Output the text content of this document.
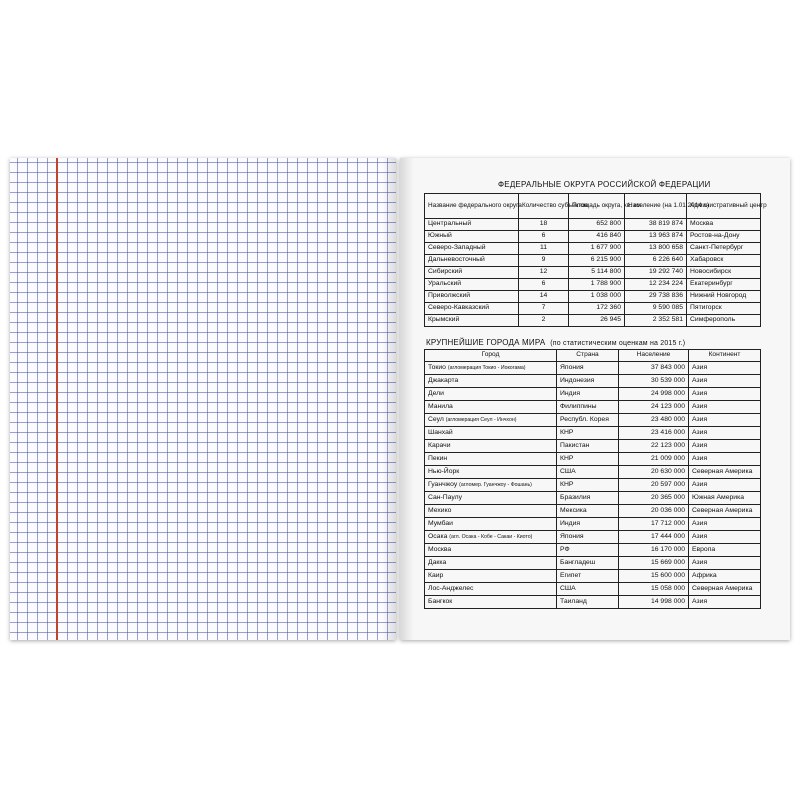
ФЕДЕРАЛЬНЫЕ ОКРУГА РОССИЙСКОЙ ФЕДЕРАЦИИ
Название федерального округа	Количество субъектов	Площадь округа, кв. км	Население (на 1.01.2014 г.)	Административный центр
Центральный	18	652 800	38 819 874	Москва
Южный	6	416 840	13 963 874	Ростов-на-Дону
Северо-Западный	11	1 677 900	13 800 658	Санкт-Петербург
Дальневосточный	9	6 215 900	6 226 640	Хабаровск
Сибирский	12	5 114 800	19 292 740	Новосибирск
Уральский	6	1 788 900	12 234 224	Екатеринбург
Приволжский	14	1 038 000	29 738 836	Нижний Новгород
Северо-Кавказский	7	172 360	9 590 085	Пятигорск
Крымский	2	26 945	2 352 581	Симферополь
КРУПНЕЙШИЕ ГОРОДА МИРА (по статистическим оценкам на 2015 г.)
Город	Страна	Население	Континент
Токио (агломерация Токио - Иокогама)	Япония	37 843 000	Азия
Джакарта	Индонезия	30 539 000	Азия
Дели	Индия	24 998 000	Азия
Манила	Филиппины	24 123 000	Азия
Сеул (агломерация Сеул - Инчхон)	Республ. Корея	23 480 000	Азия
Шанхай	КНР	23 416 000	Азия
Карачи	Пакистан	22 123 000	Азия
Пекин	КНР	21 009 000	Азия
Нью-Йорк	США	20 630 000	Северная Америка
Гуанчжоу (агломер. Гуанчжоу - Фошань)	КНР	20 597 000	Азия
Сан-Паулу	Бразилия	20 365 000	Южная Америка
Мехико	Мексика	20 036 000	Северная Америка
Мумбаи	Индия	17 712 000	Азия
Осака (агл. Осака - Кобе - Сакаи - Киото)	Япония	17 444 000	Азия
Москва	РФ	16 170 000	Европа
Дакка	Бангладеш	15 669 000	Азия
Каир	Египет	15 600 000	Африка
Лос-Анджелес	США	15 058 000	Северная Америка
Бангкок	Таиланд	14 998 000	Азия
